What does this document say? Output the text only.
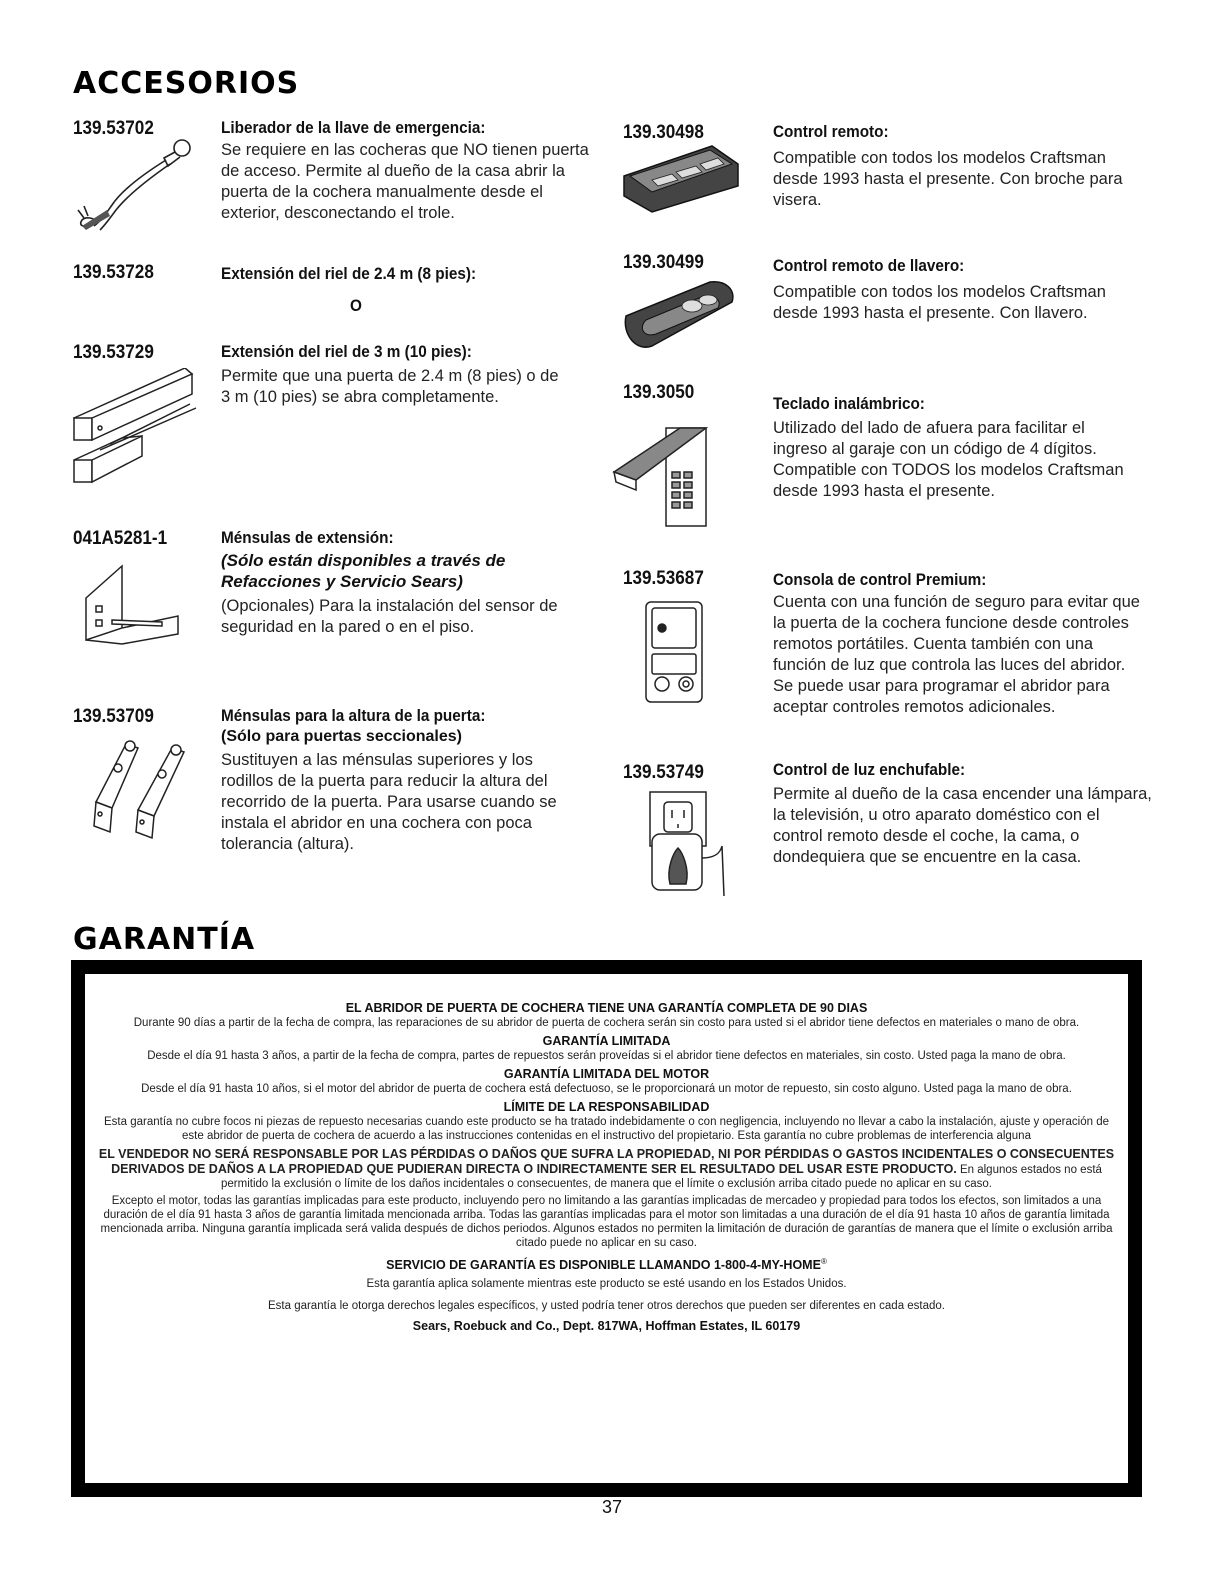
ACCESORIOS
139.53702	Liberador de la llave de emergencia:
Se requiere en las cocheras que NO tienen puerta de acceso. Permite al dueño de la casa abrir la puerta de la cochera manualmente desde el exterior, desconectando el trole.
139.53728	Extensión del riel de 2.4 m (8 pies):
O
139.53729	Extensión del riel de 3 m (10 pies):
Permite que una puerta de 2.4 m (8 pies) o de 3 m (10 pies) se abra completamente.
041A5281-1	Ménsulas de extensión:
(Sólo están disponibles a través de Refacciones y Servicio Sears)
(Opcionales) Para la instalación del sensor de seguridad en la pared o en el piso.
139.53709	Ménsulas para la altura de la puerta:
(Sólo para puertas seccionales)
Sustituyen a las ménsulas superiores y los rodillos de la puerta para reducir la altura del recorrido de la puerta. Para usarse cuando se instala el abridor en una cochera con poca tolerancia (altura).
139.30498	Control remoto:
Compatible con todos los modelos Craftsman desde 1993 hasta el presente. Con broche para visera.
139.30499	Control remoto de llavero:
Compatible con todos los modelos Craftsman desde 1993 hasta el presente. Con llavero.
139.3050
Teclado inalámbrico:
Utilizado del lado de afuera para facilitar el ingreso al garaje con un código de 4 dígitos. Compatible con TODOS los modelos Craftsman desde 1993 hasta el presente.
139.53687	Consola de control Premium:
Cuenta con una función de seguro para evitar que la puerta de la cochera funcione desde controles remotos portátiles. Cuenta también con una función de luz que controla las luces del abridor. Se puede usar para programar el abridor para aceptar controles remotos adicionales.
139.53749	Control de luz enchufable:
Permite al dueño de la casa encender una lámpara, la televisión, u otro aparato doméstico con el control remoto desde el coche, la cama, o dondequiera que se encuentre en la casa.
GARANTÍA

EL ABRIDOR DE PUERTA DE COCHERA TIENE UNA GARANTÍA COMPLETA DE 90 DIAS

Durante 90 días a partir de la fecha de compra, las reparaciones de su abridor de puerta de cochera serán sin costo para usted si el abridor tiene defectos en materiales o mano de obra.

GARANTÍA LIMITADA

Desde el día 91 hasta 3 años, a partir de la fecha de compra, partes de repuestos serán proveídas si el abridor tiene defectos en materiales, sin costo. Usted paga la mano de obra.

GARANTÍA LIMITADA DEL MOTOR

Desde el día 91 hasta 10 años, si el motor del abridor de puerta de cochera está defectuoso, se le proporcionará un motor de repuesto, sin costo alguno. Usted paga la mano de obra.

LÍMITE DE LA RESPONSABILIDAD

Esta garantía no cubre focos ni piezas de repuesto necesarias cuando este producto se ha tratado indebidamente o con negligencia, incluyendo no llevar a cabo la instalación, ajuste y operación de este abridor de puerta de cochera de acuerdo a las instrucciones contenidas en el instructivo del propietario. Esta garantía no cubre problemas de interferencia alguna

EL VENDEDOR NO SERÁ RESPONSABLE POR LAS PÉRDIDAS O DAÑOS QUE SUFRA LA PROPIEDAD, NI POR PÉRDIDAS O GASTOS INCIDENTALES O CONSECUENTES DERIVADOS DE DAÑOS A LA PROPIEDAD QUE PUDIERAN DIRECTA O INDIRECTAMENTE SER EL RESULTADO DEL USAR ESTE PRODUCTO. En algunos estados no está permitido la exclusión o límite de los daños incidentales o consecuentes, de manera que el límite o exclusión arriba citado puede no aplicar en su caso.

Excepto el motor, todas las garantías implicadas para este producto, incluyendo pero no limitando a las garantías implicadas de mercadeo y propiedad para todos los efectos, son limitados a una duración de el día 91 hasta 3 años de garantía limitada mencionada arriba. Todas las garantías implicadas para el motor son limitadas a una duración de el día 91 hasta 10 años de garantía limitada mencionada arriba. Ninguna garantía implicada será valida después de dichos periodos. Algunos estados no permiten la limitación de duración de garantías de manera que el límite o exclusión arriba citado puede no aplicar en su caso.

SERVICIO DE GARANTÍA ES DISPONIBLE LLAMANDO 1-800-4-MY-HOME®

Esta garantía aplica solamente mientras este producto se esté usando en los Estados Unidos.

Esta garantía le otorga derechos legales específicos, y usted podría tener otros derechos que pueden ser diferentes en cada estado.

Sears, Roebuck and Co., Dept. 817WA, Hoffman Estates, IL 60179

37
